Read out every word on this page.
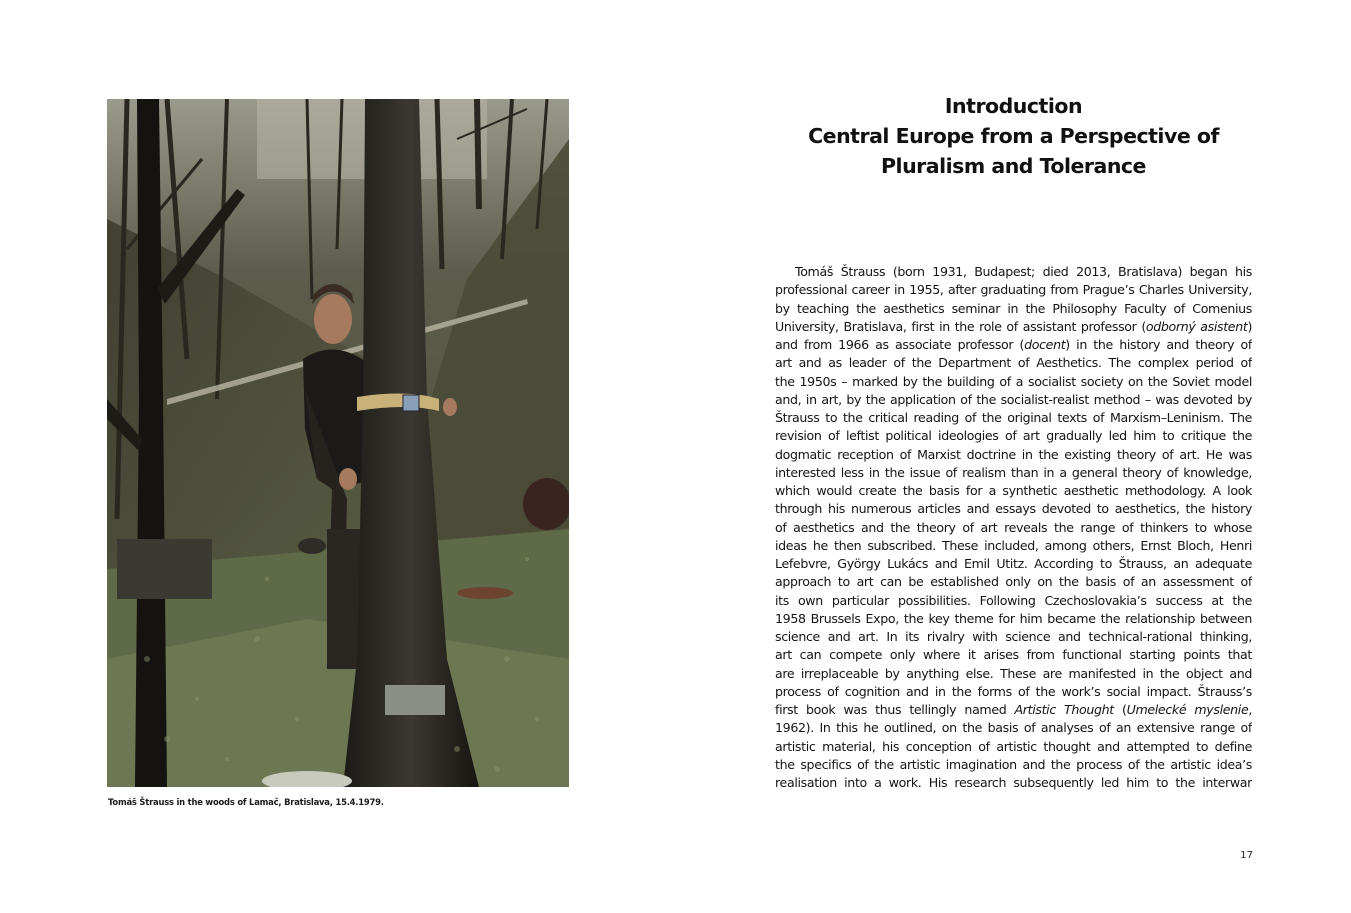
Tomáš Štrauss in the woods of Lamač, Bratislava, 15.4.1979.
Introduction
Central Europe from a Perspective of
Pluralism and Tolerance
Tomáš Štrauss (born 1931, Budapest; died 2013, Bratislava) began his
professional career in 1955, after graduating from Prague’s Charles University,
by teaching the aesthetics seminar in the Philosophy Faculty of Comenius
University, Bratislava, first in the role of assistant professor (odborný asistent)
and from 1966 as associate professor (docent) in the history and theory of
art and as leader of the Department of Aesthetics. The complex period of
the 1950s – marked by the building of a socialist society on the Soviet model
and, in art, by the application of the socialist-realist method – was devoted by
Štrauss to the critical reading of the original texts of Marxism–Leninism. The
revision of leftist political ideologies of art gradually led him to critique the
dogmatic reception of Marxist doctrine in the existing theory of art. He was
interested less in the issue of realism than in a general theory of knowledge,
which would create the basis for a synthetic aesthetic methodology. A look
through his numerous articles and essays devoted to aesthetics, the history
of aesthetics and the theory of art reveals the range of thinkers to whose
ideas he then subscribed. These included, among others, Ernst Bloch, Henri
Lefebvre, György Lukács and Emil Utitz. According to Štrauss, an adequate
approach to art can be established only on the basis of an assessment of
its own particular possibilities. Following Czechoslovakia’s success at the
1958 Brussels Expo, the key theme for him became the relationship between
science and art. In its rivalry with science and technical-rational thinking,
art can compete only where it arises from functional starting points that
are irreplaceable by anything else. These are manifested in the object and
process of cognition and in the forms of the work’s social impact. Štrauss’s
first book was thus tellingly named Artistic Thought (Umelecké myslenie,
1962). In this he outlined, on the basis of analyses of an extensive range of
artistic material, his conception of artistic thought and attempted to define
the specifics of the artistic imagination and the process of the artistic idea’s
realisation into a work. His research subsequently led him to the interwar
17
